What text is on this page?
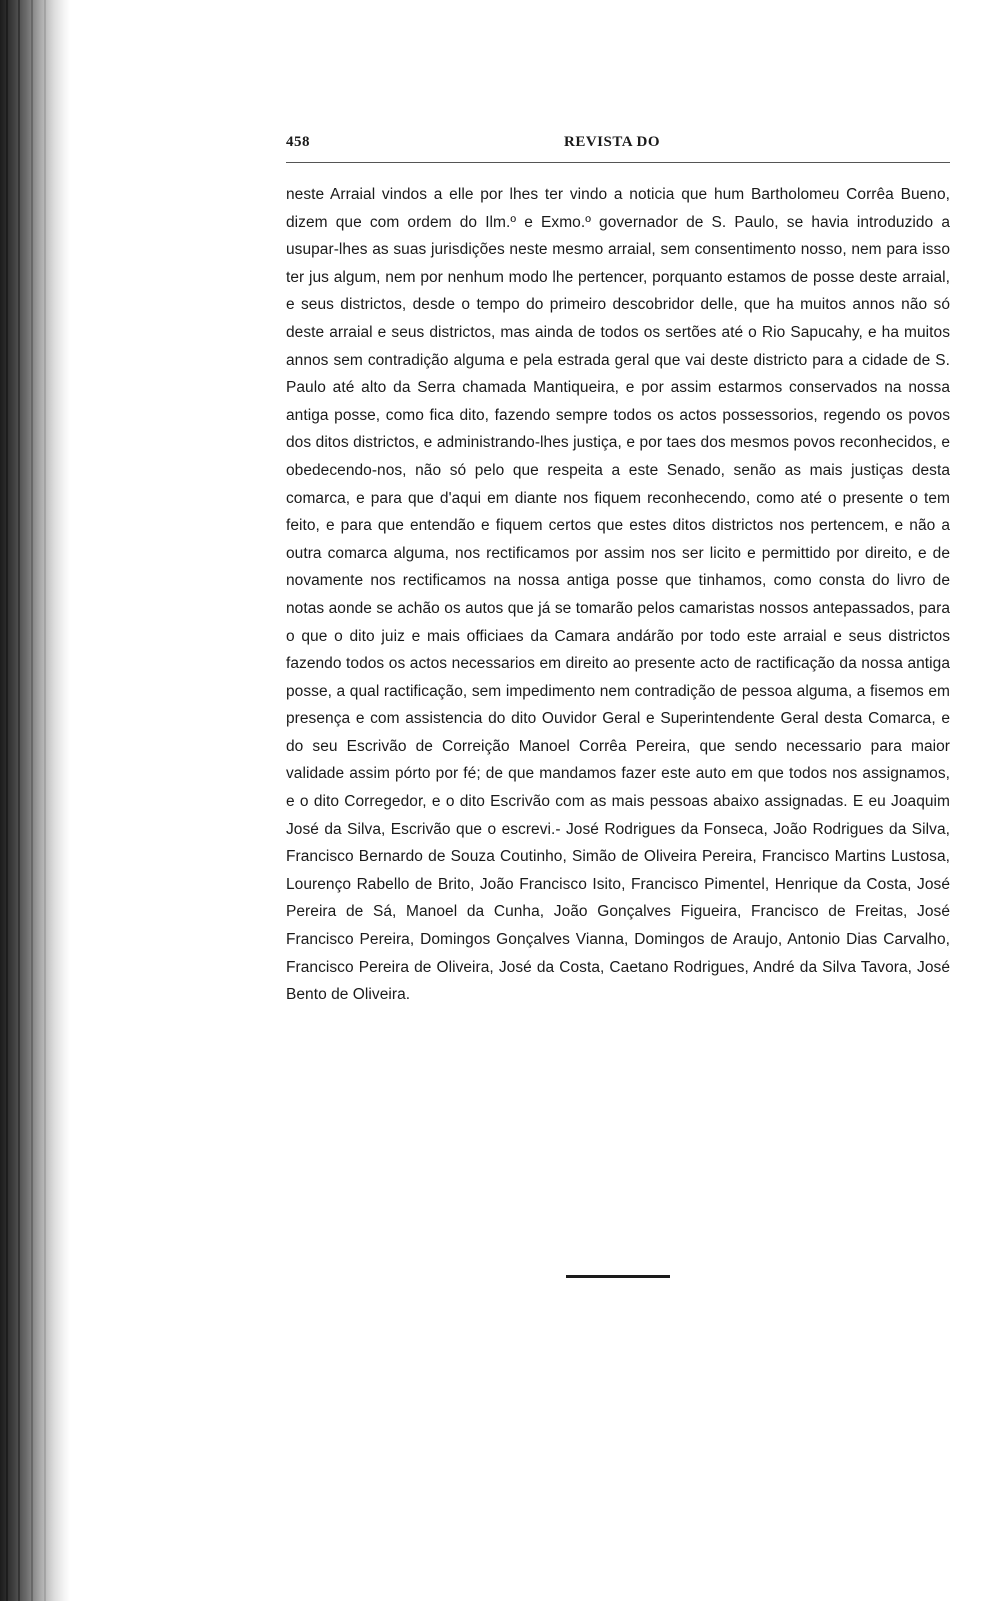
458	REVISTA DO

neste Arraial vindos a elle por lhes ter vindo a noticia que hum Bartholomeu Corrêa Bueno, dizem que com ordem do Ilm.º e Exmo.º governador de S. Paulo, se havia introduzido a usupar-lhes as suas jurisdições neste mesmo arraial, sem consentimento nosso, nem para isso ter jus algum, nem por nenhum modo lhe pertencer, porquanto estamos de posse deste arraial, e seus districtos, desde o tempo do primeiro descobridor delle, que ha muitos annos não só deste arraial e seus districtos, mas ainda de todos os sertões até o Rio Sapucahy, e ha muitos annos sem contradição alguma e pela estrada geral que vai deste districto para a cidade de S. Paulo até alto da Serra chamada Mantiqueira, e por assim estarmos conservados na nossa antiga posse, como fica dito, fazendo sempre todos os actos possessorios, regendo os povos dos ditos districtos, e administrando-lhes justiça, e por taes dos mesmos povos reconhecidos, e obedecendo-nos, não só pelo que respeita a este Senado, senão as mais justiças desta comarca, e para que d'aqui em diante nos fiquem reconhecendo, como até o presente o tem feito, e para que entendão e fiquem certos que estes ditos districtos nos pertencem, e não a outra comarca alguma, nos rectificamos por assim nos ser licito e permittido por direito, e de novamente nos rectificamos na nossa antiga posse que tinhamos, como consta do livro de notas aonde se achão os autos que já se tomarão pelos camaristas nossos antepassados, para o que o dito juiz e mais officiaes da Camara andárão por todo este arraial e seus districtos fazendo todos os actos necessarios em direito ao presente acto de ractificação da nossa antiga posse, a qual ractificação, sem impedimento nem contradição de pessoa alguma, a fisemos em presença e com assistencia do dito Ouvidor Geral e Superintendente Geral desta Comarca, e do seu Escrivão de Correição Manoel Corrêa Pereira, que sendo necessario para maior validade assim pórto por fé; de que mandamos fazer este auto em que todos nos assignamos, e o dito Corregedor, e o dito Escrivão com as mais pessoas abaixo assignadas. E eu Joaquim José da Silva, Escrivão que o escrevi.- José Rodrigues da Fonseca, João Rodrigues da Silva, Francisco Bernardo de Souza Coutinho, Simão de Oliveira Pereira, Francisco Martins Lustosa, Lourenço Rabello de Brito, João Francisco Isito, Francisco Pimentel, Henrique da Costa, José Pereira de Sá, Manoel da Cunha, João Gonçalves Figueira, Francisco de Freitas, José Francisco Pereira, Domingos Gonçalves Vianna, Domingos de Araujo, Antonio Dias Carvalho, Francisco Pereira de Oliveira, José da Costa, Caetano Rodrigues, André da Silva Tavora, José Bento de Oliveira.
